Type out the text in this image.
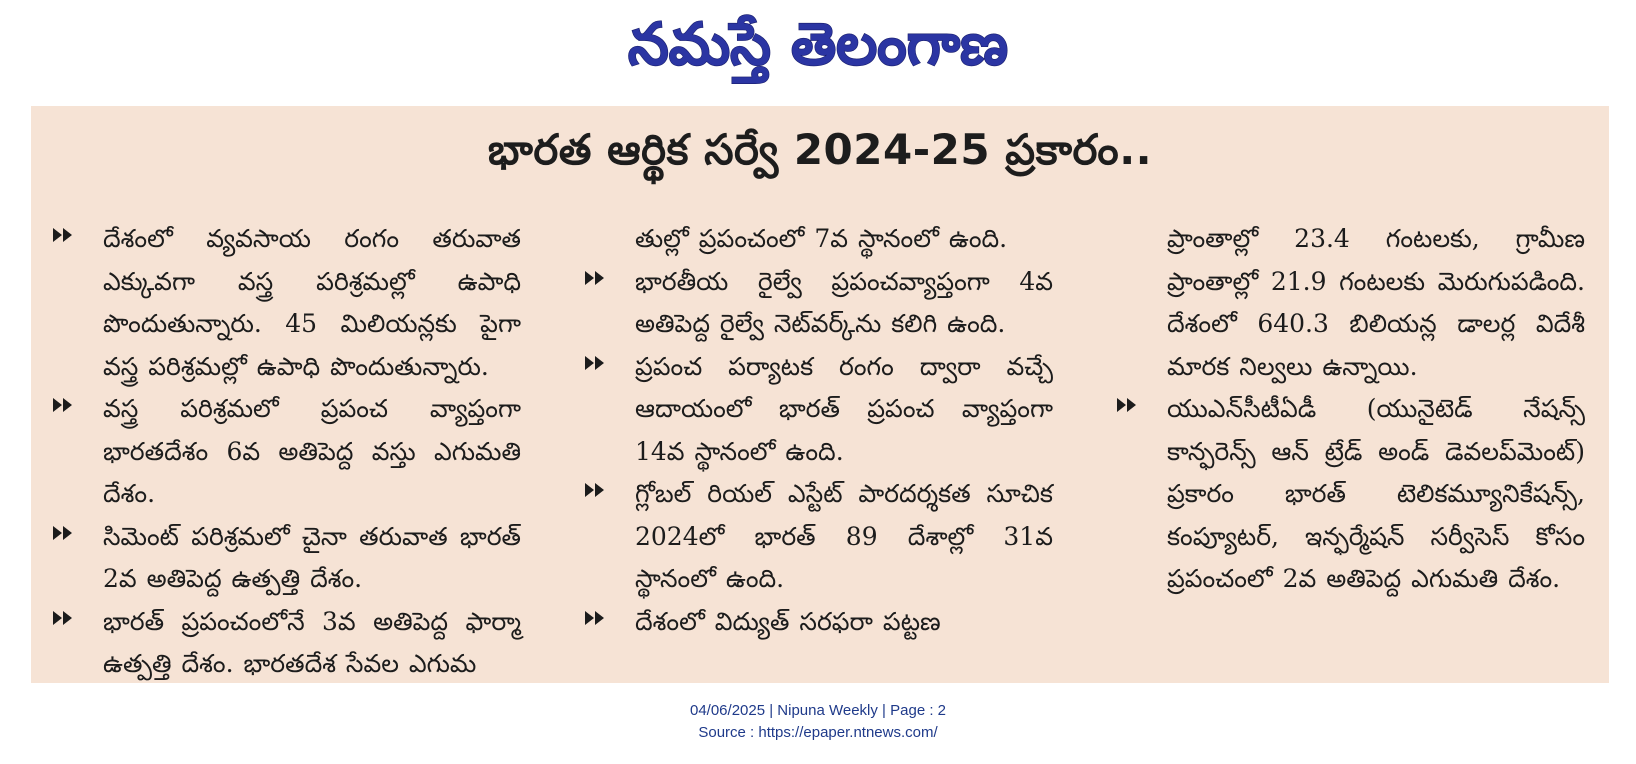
నమస్తే తెలంగాణ
భారత ఆర్థిక సర్వే 2024-25 ప్రకారం..
దేశంలో వ్యవసాయ రంగం తరువాత ఎక్కువగా వస్త్ర పరిశ్రమల్లో ఉపాధి పొందుతున్నారు. 45 మిలియన్లకు పైగా వస్త్ర పరిశ్రమల్లో ఉపాధి పొందుతున్నారు.
వస్త్ర పరిశ్రమలో ప్రపంచ వ్యాప్తంగా భారతదేశం 6వ అతిపెద్ద వస్తు ఎగుమతి దేశం.
సిమెంట్ పరిశ్రమలో చైనా తరువాత భారత్ 2వ అతిపెద్ద ఉత్పత్తి దేశం.
భారత్ ప్రపంచంలోనే 3వ అతిపెద్ద ఫార్మా ఉత్పత్తి దేశం. భారతదేశ సేవల ఎగుమ
తుల్లో ప్రపంచంలో 7వ స్థానంలో ఉంది.
భారతీయ రైల్వే ప్రపంచవ్యాప్తంగా 4వ అతిపెద్ద రైల్వే నెట్‌వర్క్‌ను కలిగి ఉంది.
ప్రపంచ పర్యాటక రంగం ద్వారా వచ్చే ఆదాయంలో భారత్ ప్రపంచ వ్యాప్తంగా 14వ స్థానంలో ఉంది.
గ్లోబల్ రియల్ ఎస్టేట్ పారదర్శకత సూచిక 2024లో భారత్ 89 దేశాల్లో 31వ స్థానంలో ఉంది.
దేశంలో విద్యుత్ సరఫరా పట్టణ
ప్రాంతాల్లో 23.4 గంటలకు, గ్రామీణ ప్రాంతాల్లో 21.9 గంటలకు మెరుగుపడింది. దేశంలో 640.3 బిలియన్ల డాలర్ల విదేశీ మారక నిల్వలు ఉన్నాయి.
యుఎన్‌సీటీఏడీ (యునైటెడ్ నేషన్స్ కాన్ఫరెన్స్ ఆన్ ట్రేడ్ అండ్ డెవలప్‌మెంట్) ప్రకారం భారత్ టెలికమ్యూనికేషన్స్, కంప్యూటర్, ఇన్ఫర్మేషన్ సర్వీసెస్ కోసం ప్రపంచంలో 2వ అతిపెద్ద ఎగుమతి దేశం.
04/06/2025 | Nipuna Weekly | Page : 2
Source : https://epaper.ntnews.com/
